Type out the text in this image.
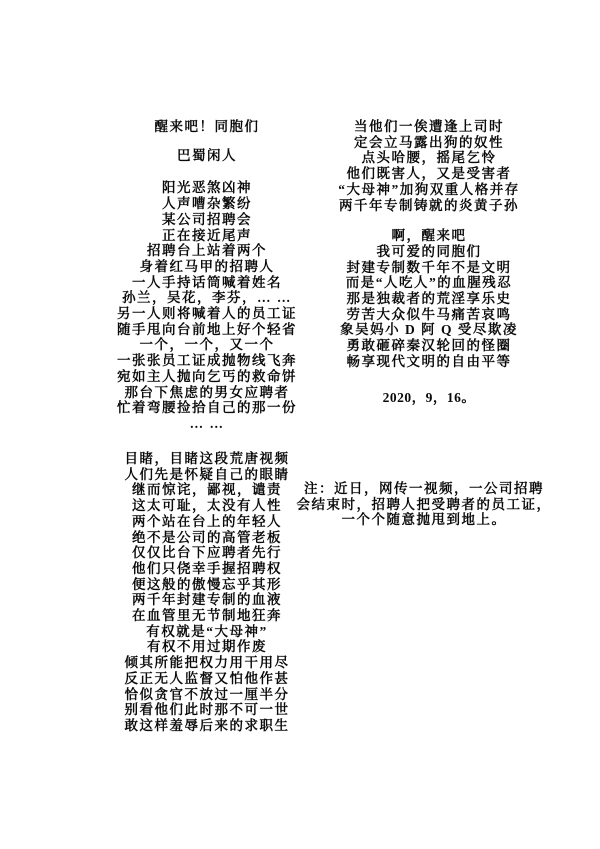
醒来吧！同胞们
巴蜀闲人
阳光恶煞凶神
人声嘈杂繁纷
某公司招聘会
正在接近尾声
招聘台上站着两个
身着红马甲的招聘人
一人手持话筒喊着姓名
孙兰，吴花，李芬，… …
另一人则将喊着人的员工证
随手甩向台前地上好个轻省
一个，一个，又一个
一张张员工证成抛物线飞奔
宛如主人抛向乞丐的救命饼
那台下焦虑的男女应聘者
忙着弯腰捡拾自己的那一份
… …
目睹，目睹这段荒唐视频
人们先是怀疑自己的眼睛
继而惊诧，鄙视，谴责
这太可耻，太没有人性
两个站在台上的年轻人
绝不是公司的高管老板
仅仅比台下应聘者先行
他们只侥幸手握招聘权
便这般的傲慢忘乎其形
两千年封建专制的血液
在血管里无节制地狂奔
有权就是“大母神”
有权不用过期作废
倾其所能把权力用干用尽
反正无人监督又怕他作甚
恰似贪官不放过一厘半分
别看他们此时那不可一世
敢这样羞辱后来的求职生
当他们一俟遭逢上司时
定会立马露出狗的奴性
点头哈腰，摇尾乞怜
他们既害人，又是受害者
“大母神”加狗双重人格并存
两千年专制铸就的炎黄子孙
啊，醒来吧
我可爱的同胞们
封建专制数千年不是文明
而是“人吃人”的血腥残忍
那是独裁者的荒淫享乐史
劳苦大众似牛马痛苦哀鸣
象吴妈小 D 阿 Q 受尽欺凌
勇敢砸碎秦汉轮回的怪圈
畅享现代文明的自由平等
2020，9，16。
注：近日，网传一视频，一公司招聘
会结束时，招聘人把受聘者的员工证，
一个个随意抛甩到地上。
